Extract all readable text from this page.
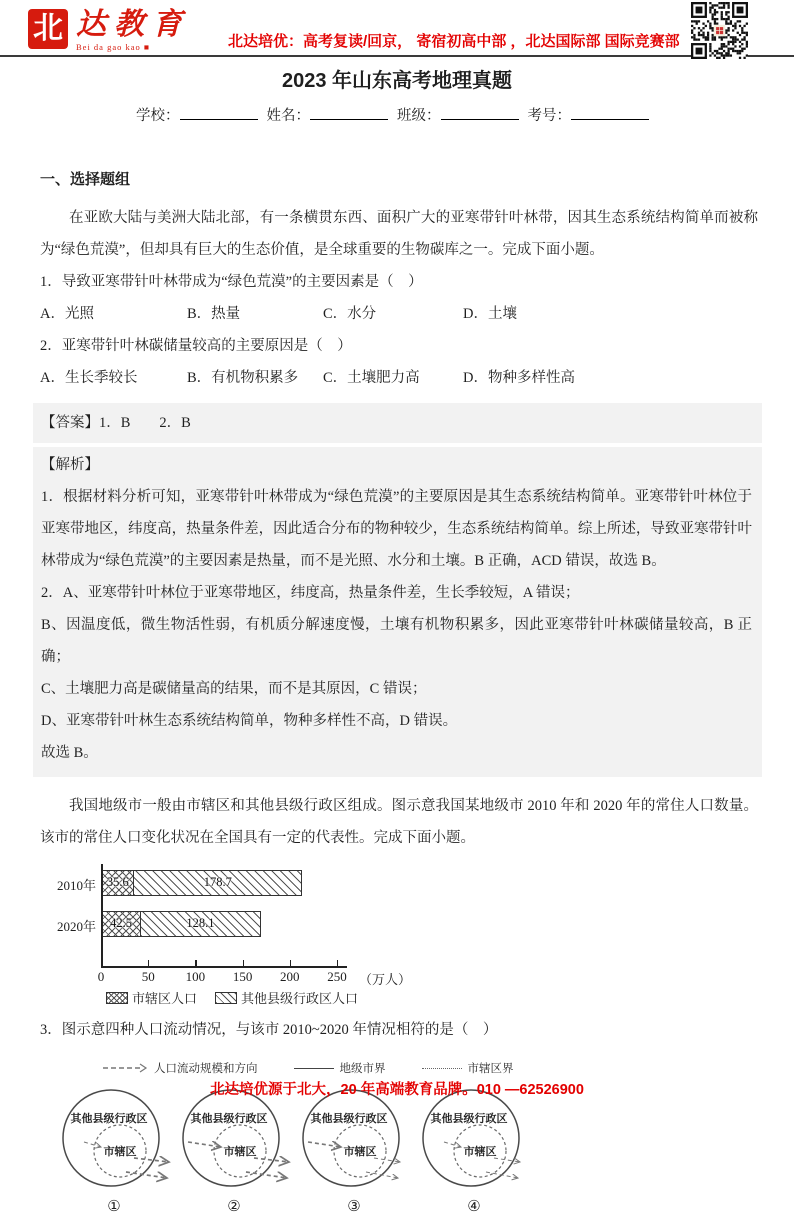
北 达教育
Bei da gao kao ■	北达培优：高考复读/回京， 寄宿初高中部 ，北达国际部 国际竞赛部
2023 年山东高考地理真题
学校：	姓名：	班级：	考号：
一、选择题组

在亚欧大陆与美洲大陆北部，有一条横贯东西、面积广大的亚寒带针叶林带，因其生态系统结构简单而被称为“绿色荒漠”，但却具有巨大的生态价值，是全球重要的生物碳库之一。完成下面小题。

1．导致亚寒带针叶林带成为“绿色荒漠”的主要因素是（　）

A．光照	B．热量	C．水分	D．土壤

2．亚寒带针叶林碳储量较高的主要原因是（　）

A．生长季较长	B．有机物积累多	C．土壤肥力高	D．物种多样性高
【答案】1．B　　2．B

【解析】

1．根据材料分析可知，亚寒带针叶林带成为“绿色荒漠”的主要原因是其生态系统结构简单。亚寒带针叶林位于亚寒带地区，纬度高，热量条件差，因此适合分布的物种较少，生态系统结构简单。综上所述，导致亚寒带针叶林带成为“绿色荒漠”的主要因素是热量，而不是光照、水分和土壤。B 正确，ACD 错误，故选 B。

2．A、亚寒带针叶林位于亚寒带地区，纬度高，热量条件差，生长季较短，A 错误；

B、因温度低，微生物活性弱，有机质分解速度慢，土壤有机物积累多，因此亚寒带针叶林碳储量较高，B 正确；

C、土壤肥力高是碳储量高的结果，而不是其原因，C 错误；

D、亚寒带针叶林生态系统结构简单，物种多样性不高，D 错误。

故选 B。

我国地级市一般由市辖区和其他县级行政区组成。图示意我国某地级市 2010 年和 2020 年的常住人口数量。该市的常住人口变化状况在全国具有一定的代表性。完成下面小题。

2010年 35.6	178.7
2020年	42.5	128.1
0	50	100	150	200	250 （万人）
市辖区人口	其他县级行政区人口

3．图示意四种人口流动情况，与该市 2010~2020 年情况相符的是（　）

人口流动规模和方向	地级市界	市辖区界
其他县级行政区
市辖区
①
其他县级行政区
市辖区
②
其他县级行政区
市辖区
③
其他县级行政区
市辖区
④
北达培优源于北大，20 年高端教育品牌。010 —62526900
